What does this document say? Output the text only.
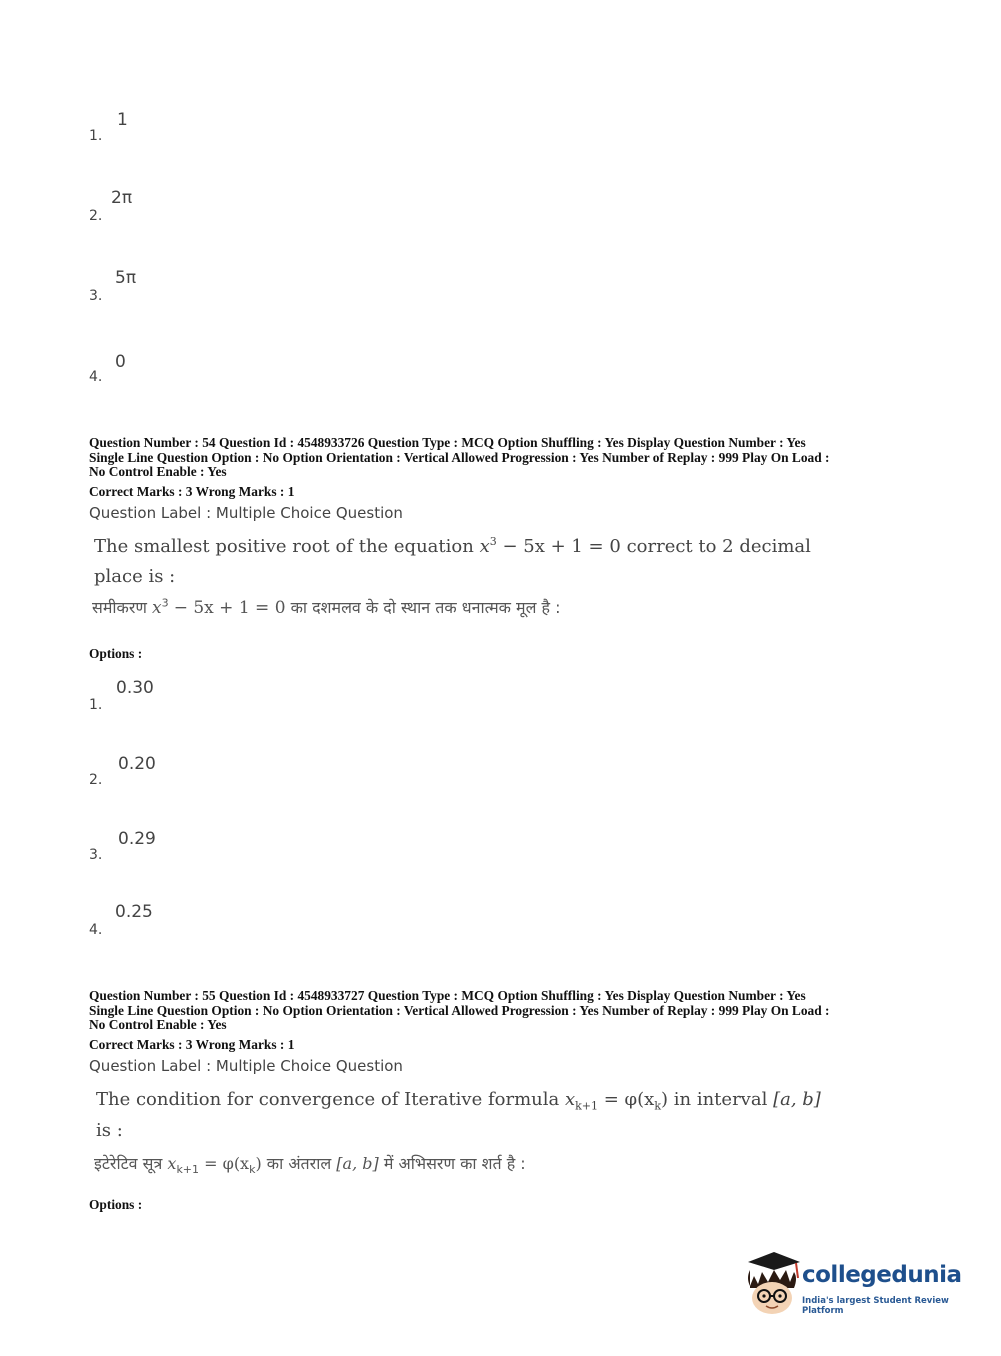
1
1.
2π
2.
5π
3.
0
4.
Question Number : 54 Question Id : 4548933726 Question Type : MCQ Option Shuffling : Yes Display Question Number : Yes
Single Line Question Option : No Option Orientation : Vertical Allowed Progression : Yes Number of Replay : 999 Play On Load :
No Control Enable : Yes
Correct Marks : 3 Wrong Marks : 1
Question Label : Multiple Choice Question
The smallest positive root of the equation $x^3 - 5x + 1 = 0$ correct to 2 decimal
place is :
समीकरण $x^3 - 5x + 1 = 0$ का दशमलव के दो स्थान तक धनात्मक मूल है :
Options :
0.30
1.
0.20
2.
0.29
3.
0.25
4.
Question Number : 55 Question Id : 4548933727 Question Type : MCQ Option Shuffling : Yes Display Question Number : Yes
Single Line Question Option : No Option Orientation : Vertical Allowed Progression : Yes Number of Replay : 999 Play On Load :
No Control Enable : Yes
Correct Marks : 3 Wrong Marks : 1
Question Label : Multiple Choice Question
The condition for convergence of Iterative formula $x_{k+1} = \varphi(x_k)$ in interval [a, b]
is :
इटेरेटिव सूत्र $x_{k+1} = \varphi(x_k)$ का अंतराल [a, b] में अभिसरण का शर्त है :
Options :
collegedunia
India's largest Student Review Platform
